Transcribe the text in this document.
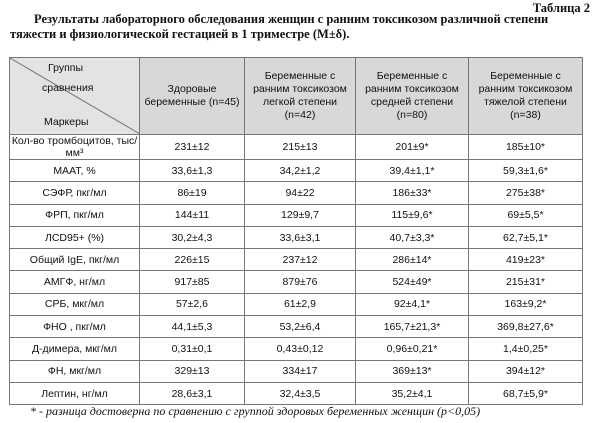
Таблица 2
Результаты лабораторного обследования женщин с ранним токсикозом различной степени тяжести и физиологической гестацией в 1 триместре (M±δ).
Группы
сравнения
Маркеры	Здоровые беременные (n=45)	Беременные с ранним токсикозом легкой степени (n=42)	Беременные с ранним токсикозом средней степени (n=80)	Беременные с ранним токсикозом тяжелой степени (n=38)
Кол-во тромбоцитов, тыс/мм³	231±12	215±13	201±9*	185±10*
МААТ, %	33,6±1,3	34,2±1,2	39,4±1,1*	59,3±1,6*
СЭФР, пкг/мл	86±19	94±22	186±33*	275±38*
ФРП, пкг/мл	144±11	129±9,7	115±9,6*	69±5,5*
ЛСD95+ (%)	30,2±4,3	33,6±3,1	40,7±3,3*	62,7±5,1*
Общий IgE, пкг/мл	226±15	237±12	286±14*	419±23*
АМГФ, нг/мл	917±85	879±76	524±49*	215±31*
СРБ, мкг/мл	57±2,6	61±2,9	92±4,1*	163±9,2*
ФНО , пкг/мл	44,1±5,3	53,2±6,4	165,7±21,3*	369,8±27,6*
Д-димера, мкг/мл	0,31±0,1	0,43±0,12	0,96±0,21*	1,4±0,25*
ФН, мкг/мл	329±13	334±17	369±13*	394±12*
Лептин, нг/мл	28,6±3,1	32,4±3,5	35,2±4,1	68,7±5,9*
* - разница достоверна по сравнению с группой здоровых беременных женщин (p<0,05)
